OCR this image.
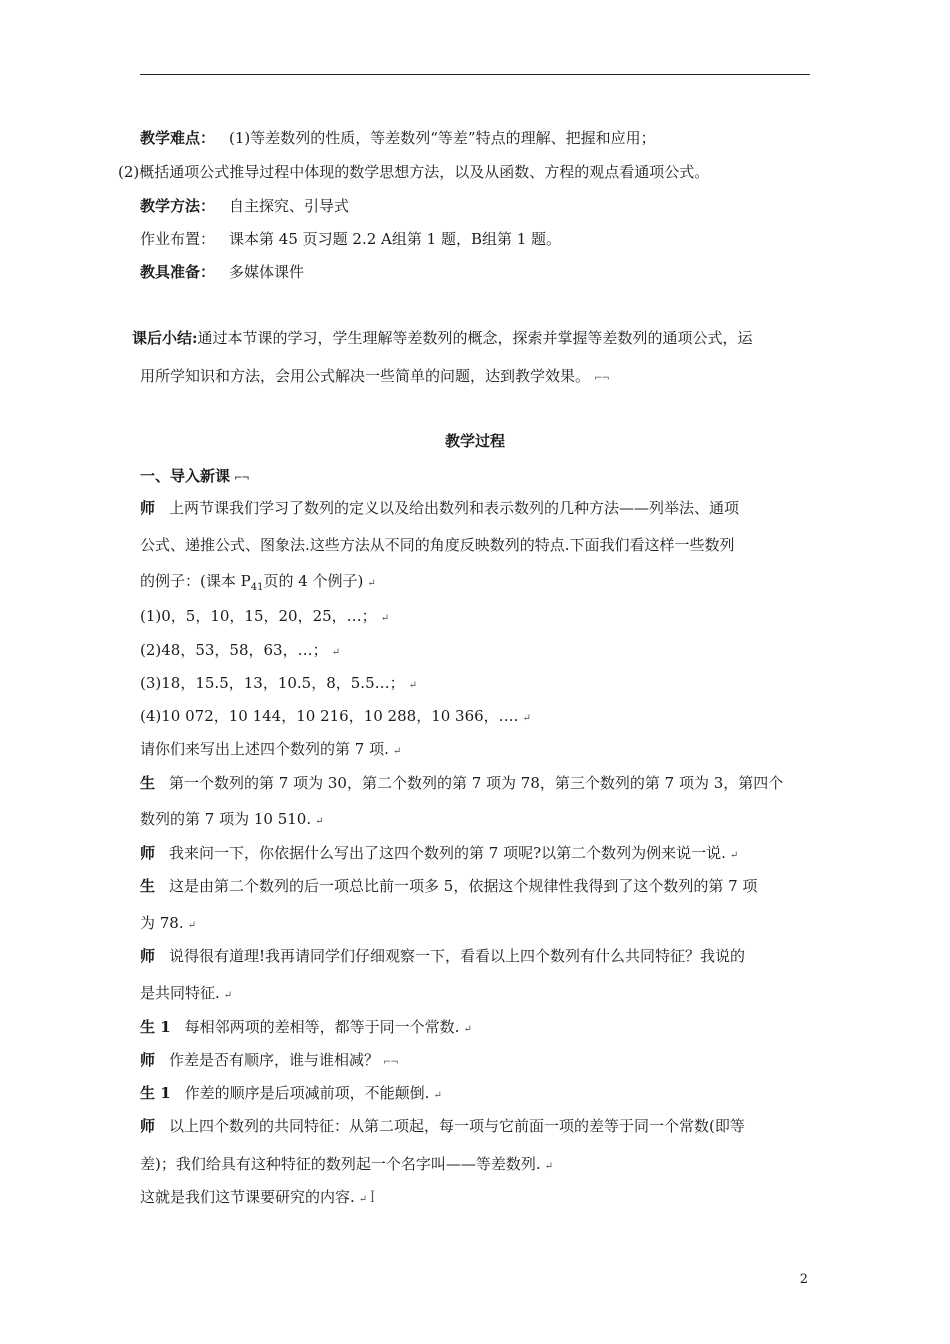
教学难点： (1)等差数列的性质，等差数列“等差”特点的理解、把握和应用；
(2)概括通项公式推导过程中体现的数学思想方法，以及从函数、方程的观点看通项公式。
教学方法： 自主探究、引导式
作业布置： 课本第 45 页习题 2.2 A组第 1 题，B组第 1 题。
教具准备： 多媒体课件
课后小结:通过本节课的学习，学生理解等差数列的概念，探索并掌握等差数列的通项公式，运
用所学知识和方法，会用公式解决一些简单的问题，达到教学效果。 ⌐¬
教学过程
一、导入新课 ⌐¬
师 上两节课我们学习了数列的定义以及给出数列和表示数列的几种方法——列举法、通项
公式、递推公式、图象法.这些方法从不同的角度反映数列的特点.下面我们看这样一些数列
的例子：(课本 $P_{41}$页的 4 个例子) ↵
(1)0，5，10，15，20，25，…； ↵
(2)48，53，58，63，…； ↵
(3)18，15.5，13，10.5，8，5.5…； ↵
(4)10 072，10 144，10 216，10 288，10 366，…. ↵
请你们来写出上述四个数列的第 7 项. ↵
生 第一个数列的第 7 项为 30，第二个数列的第 7 项为 78，第三个数列的第 7 项为 3，第四个
数列的第 7 项为 10 510. ↵
师 我来问一下，你依据什么写出了这四个数列的第 7 项呢?以第二个数列为例来说一说. ↵
生 这是由第二个数列的后一项总比前一项多 5，依据这个规律性我得到了这个数列的第 7 项
为 78. ↵
师 说得很有道理!我再请同学们仔细观察一下，看看以上四个数列有什么共同特征？我说的
是共同特征. ↵
生 1 每相邻两项的差相等，都等于同一个常数. ↵
师 作差是否有顺序，谁与谁相减？ ⌐¬
生 1 作差的顺序是后项减前项，不能颠倒. ↵
师 以上四个数列的共同特征：从第二项起，每一项与它前面一项的差等于同一个常数(即等
差)；我们给具有这种特征的数列起一个名字叫——等差数列. ↵
这就是我们这节课要研究的内容. ↵ ꟾ
2
